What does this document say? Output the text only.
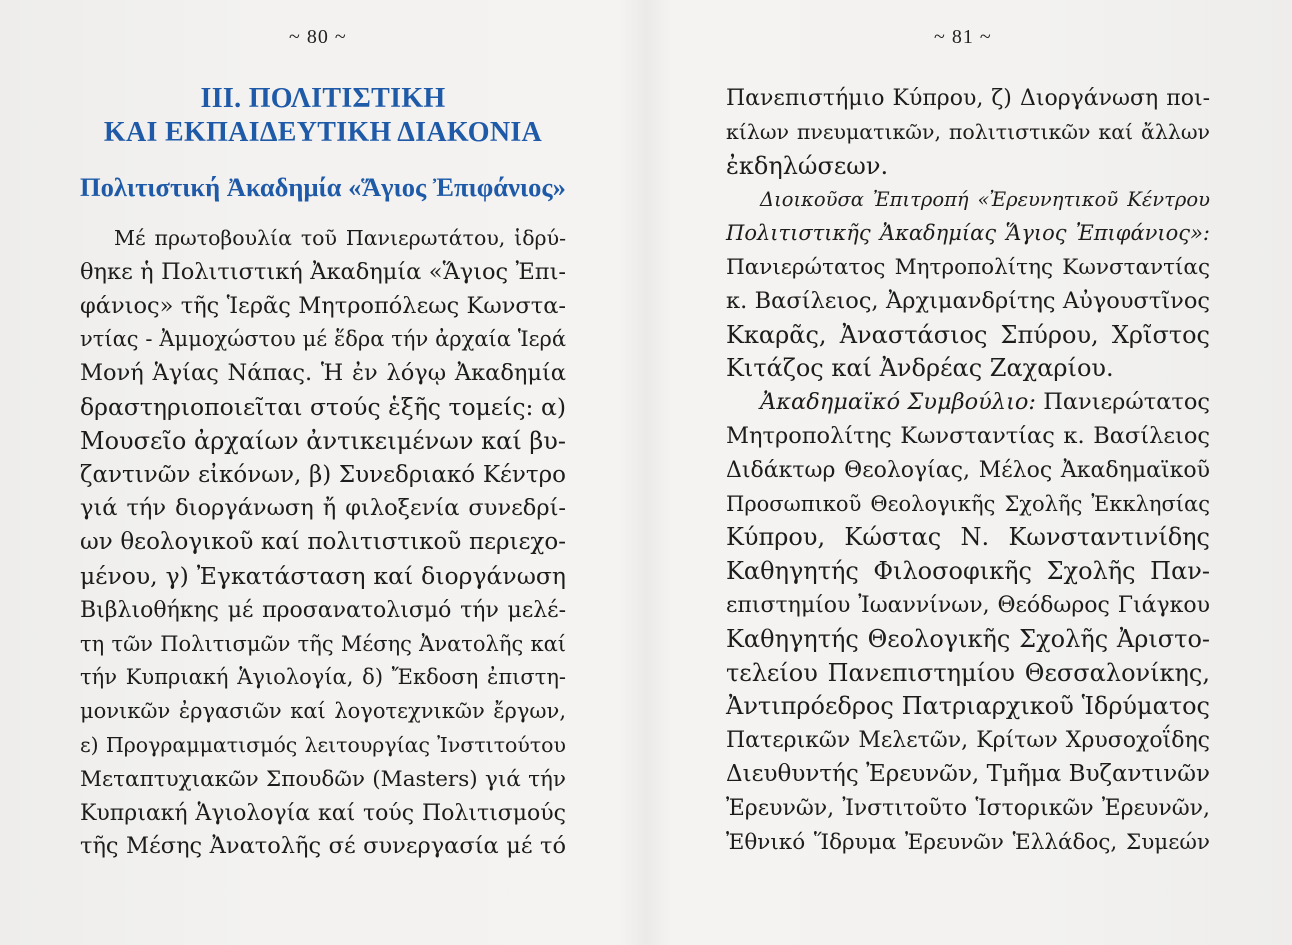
~ 80 ~
III. ΠΟΛΙΤΙΣΤΙΚΗ
ΚΑΙ ΕΚΠΑΙΔΕΥΤΙΚΗ ΔΙΑΚΟΝΙΑ
Πολιτιστική Ἀκαδημία «Ἅγιος Ἐπιφάνιος»
Μέ πρωτοβουλία τοῦ Πανιερωτάτου, ἱδρύ-
θηκε ἡ Πολιτιστική Ἀκαδημία «Ἅγιος Ἐπι-
φάνιος» τῆς Ἱερᾶς Μητροπόλεως Κωνστα-
ντίας - Ἀμμοχώστου μέ ἕδρα τήν ἀρχαία Ἱερά
Μονή Ἁγίας Νάπας. Ἡ ἐν λόγῳ Ἀκαδημία
δραστηριοποιεῖται στούς ἑξῆς τομείς: α)
Μουσεῖο ἀρχαίων ἀντικειμένων καί βυ-
ζαντινῶν εἰκόνων, β) Συνεδριακό Κέντρο
γιά τήν διοργάνωση ἤ φιλοξενία συνεδρί-
ων θεολογικοῦ καί πολιτιστικοῦ περιεχο-
μένου, γ) Ἐγκατάσταση καί διοργάνωση
Βιβλιοθήκης μέ προσανατολισμό τήν μελέ-
τη τῶν Πολιτισμῶν τῆς Μέσης Ἀνατολῆς καί
τήν Κυπριακή Ἁγιολογία, δ) Ἔκδοση ἐπιστη-
μονικῶν ἐργασιῶν καί λογοτεχνικῶν ἔργων,
ε) Προγραμματισμός λειτουργίας Ἰνστιτούτου
Μεταπτυχιακῶν Σπουδῶν (Masters) γιά τήν
Κυπριακή Ἁγιολογία καί τούς Πολιτισμούς
τῆς Μέσης Ἀνατολῆς σέ συνεργασία μέ τό
~ 81 ~
Πανεπιστήμιο Κύπρου, ζ) Διοργάνωση ποι-
κίλων πνευματικῶν, πολιτιστικῶν καί ἄλλων
ἐκδηλώσεων.
Διοικοῦσα Ἐπιτροπή «Ἐρευνητικοῦ Κέντρου
Πολιτιστικῆς Ἀκαδημίας Ἅγιος Ἐπιφάνιος»:
Πανιερώτατος Μητροπολίτης Κωνσταντίας
κ. Βασίλειος, Ἀρχιμανδρίτης Αὐγουστῖνος
Κκαρᾶς, Ἀναστάσιος Σπύρου, Χρῖστος
Κιτάζος καί Ἀνδρέας Ζαχαρίου.
Ἀκαδημαϊκό Συμβούλιο: Πανιερώτατος
Μητροπολίτης Κωνσταντίας κ. Βασίλειος
Διδάκτωρ Θεολογίας, Μέλος Ἀκαδημαϊκοῦ
Προσωπικοῦ Θεολογικῆς Σχολῆς Ἐκκλησίας
Κύπρου, Κώστας Ν. Κωνσταντινίδης
Καθηγητής Φιλοσοφικῆς Σχολῆς Παν-
επιστημίου Ἰωαννίνων, Θεόδωρος Γιάγκου
Καθηγητής Θεολογικῆς Σχολῆς Ἀριστο-
τελείου Πανεπιστημίου Θεσσαλονίκης,
Ἀντιπρόεδρος Πατριαρχικοῦ Ἱδρύματος
Πατερικῶν Μελετῶν, Κρίτων Χρυσοχοΐδης
Διευθυντής Ἐρευνῶν, Τμῆμα Βυζαντινῶν
Ἐρευνῶν, Ἰνστιτοῦτο Ἱστορικῶν Ἐρευνῶν,
Ἐθνικό Ἵδρυμα Ἐρευνῶν Ἑλλάδος, Συμεών
